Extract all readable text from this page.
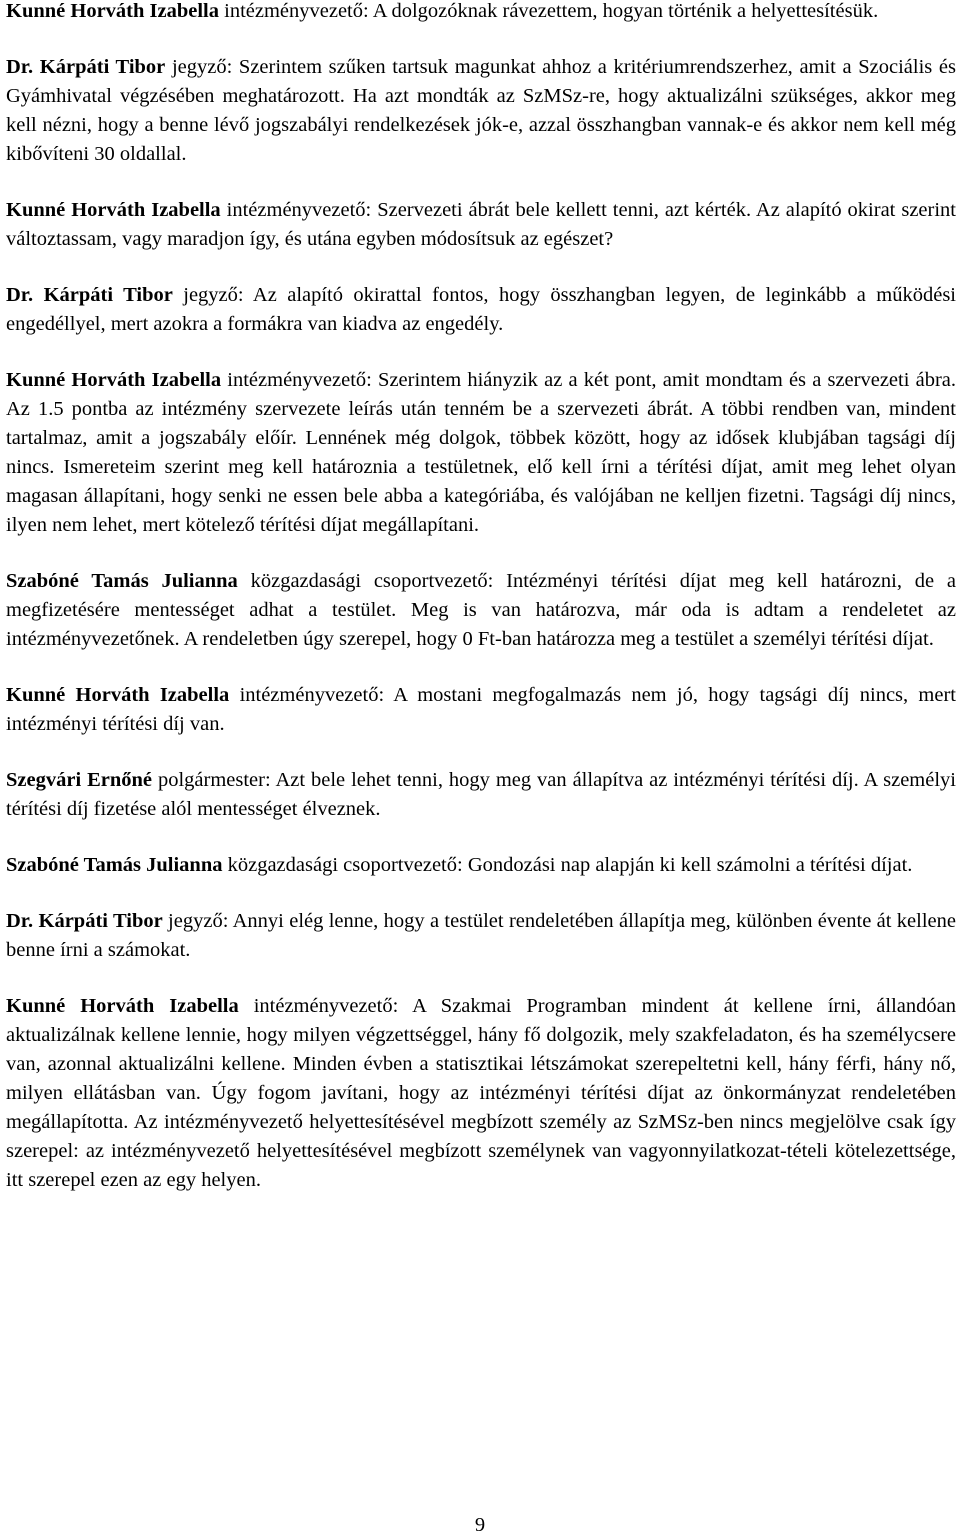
Kunné Horváth Izabella intézményvezető: A dolgozóknak rávezettem, hogyan történik a helyettesítésük.

Dr. Kárpáti Tibor jegyző: Szerintem szűken tartsuk magunkat ahhoz a kritériumrendszerhez, amit a Szociális és Gyámhivatal végzésében meghatározott. Ha azt mondták az SzMSz-re, hogy aktualizálni szükséges, akkor meg kell nézni, hogy a benne lévő jogszabályi rendelkezések jók-e, azzal összhangban vannak-e és akkor nem kell még kibővíteni 30 oldallal.

Kunné Horváth Izabella intézményvezető: Szervezeti ábrát bele kellett tenni, azt kérték. Az alapító okirat szerint változtassam, vagy maradjon így, és utána egyben módosítsuk az egészet?

Dr. Kárpáti Tibor jegyző: Az alapító okirattal fontos, hogy összhangban legyen, de leginkább a működési engedéllyel, mert azokra a formákra van kiadva az engedély.

Kunné Horváth Izabella intézményvezető: Szerintem hiányzik az a két pont, amit mondtam és a szervezeti ábra. Az 1.5 pontba az intézmény szervezete leírás után tenném be a szervezeti ábrát. A többi rendben van, mindent tartalmaz, amit a jogszabály előír. Lennének még dolgok, többek között, hogy az idősek klubjában tagsági díj nincs. Ismereteim szerint meg kell határoznia a testületnek, elő kell írni a térítési díjat, amit meg lehet olyan magasan állapítani, hogy senki ne essen bele abba a kategóriába, és valójában ne kelljen fizetni. Tagsági díj nincs, ilyen nem lehet, mert kötelező térítési díjat megállapítani.

Szabóné Tamás Julianna közgazdasági csoportvezető: Intézményi térítési díjat meg kell határozni, de a megfizetésére mentességet adhat a testület. Meg is van határozva, már oda is adtam a rendeletet az intézményvezetőnek. A rendeletben úgy szerepel, hogy 0 Ft-ban határozza meg a testület a személyi térítési díjat.

Kunné Horváth Izabella intézményvezető: A mostani megfogalmazás nem jó, hogy tagsági díj nincs, mert intézményi térítési díj van.

Szegvári Ernőné polgármester: Azt bele lehet tenni, hogy meg van állapítva az intézményi térítési díj. A személyi térítési díj fizetése alól mentességet élveznek.

Szabóné Tamás Julianna közgazdasági csoportvezető: Gondozási nap alapján ki kell számolni a térítési díjat.

Dr. Kárpáti Tibor jegyző: Annyi elég lenne, hogy a testület rendeletében állapítja meg, különben évente át kellene benne írni a számokat.

Kunné Horváth Izabella intézményvezető: A Szakmai Programban mindent át kellene írni, állandóan aktualizálnak kellene lennie, hogy milyen végzettséggel, hány fő dolgozik, mely szakfeladaton, és ha személycsere van, azonnal aktualizálni kellene. Minden évben a statisztikai létszámokat szerepeltetni kell, hány férfi, hány nő, milyen ellátásban van. Úgy fogom javítani, hogy az intézményi térítési díjat az önkormányzat rendeletében megállapította. Az intézményvezető helyettesítésével megbízott személy az SzMSz-ben nincs megjelölve csak így szerepel: az intézményvezető helyettesítésével megbízott személynek van vagyonnyilatkozat-tételi kötelezettsége, itt szerepel ezen az egy helyen.

9
